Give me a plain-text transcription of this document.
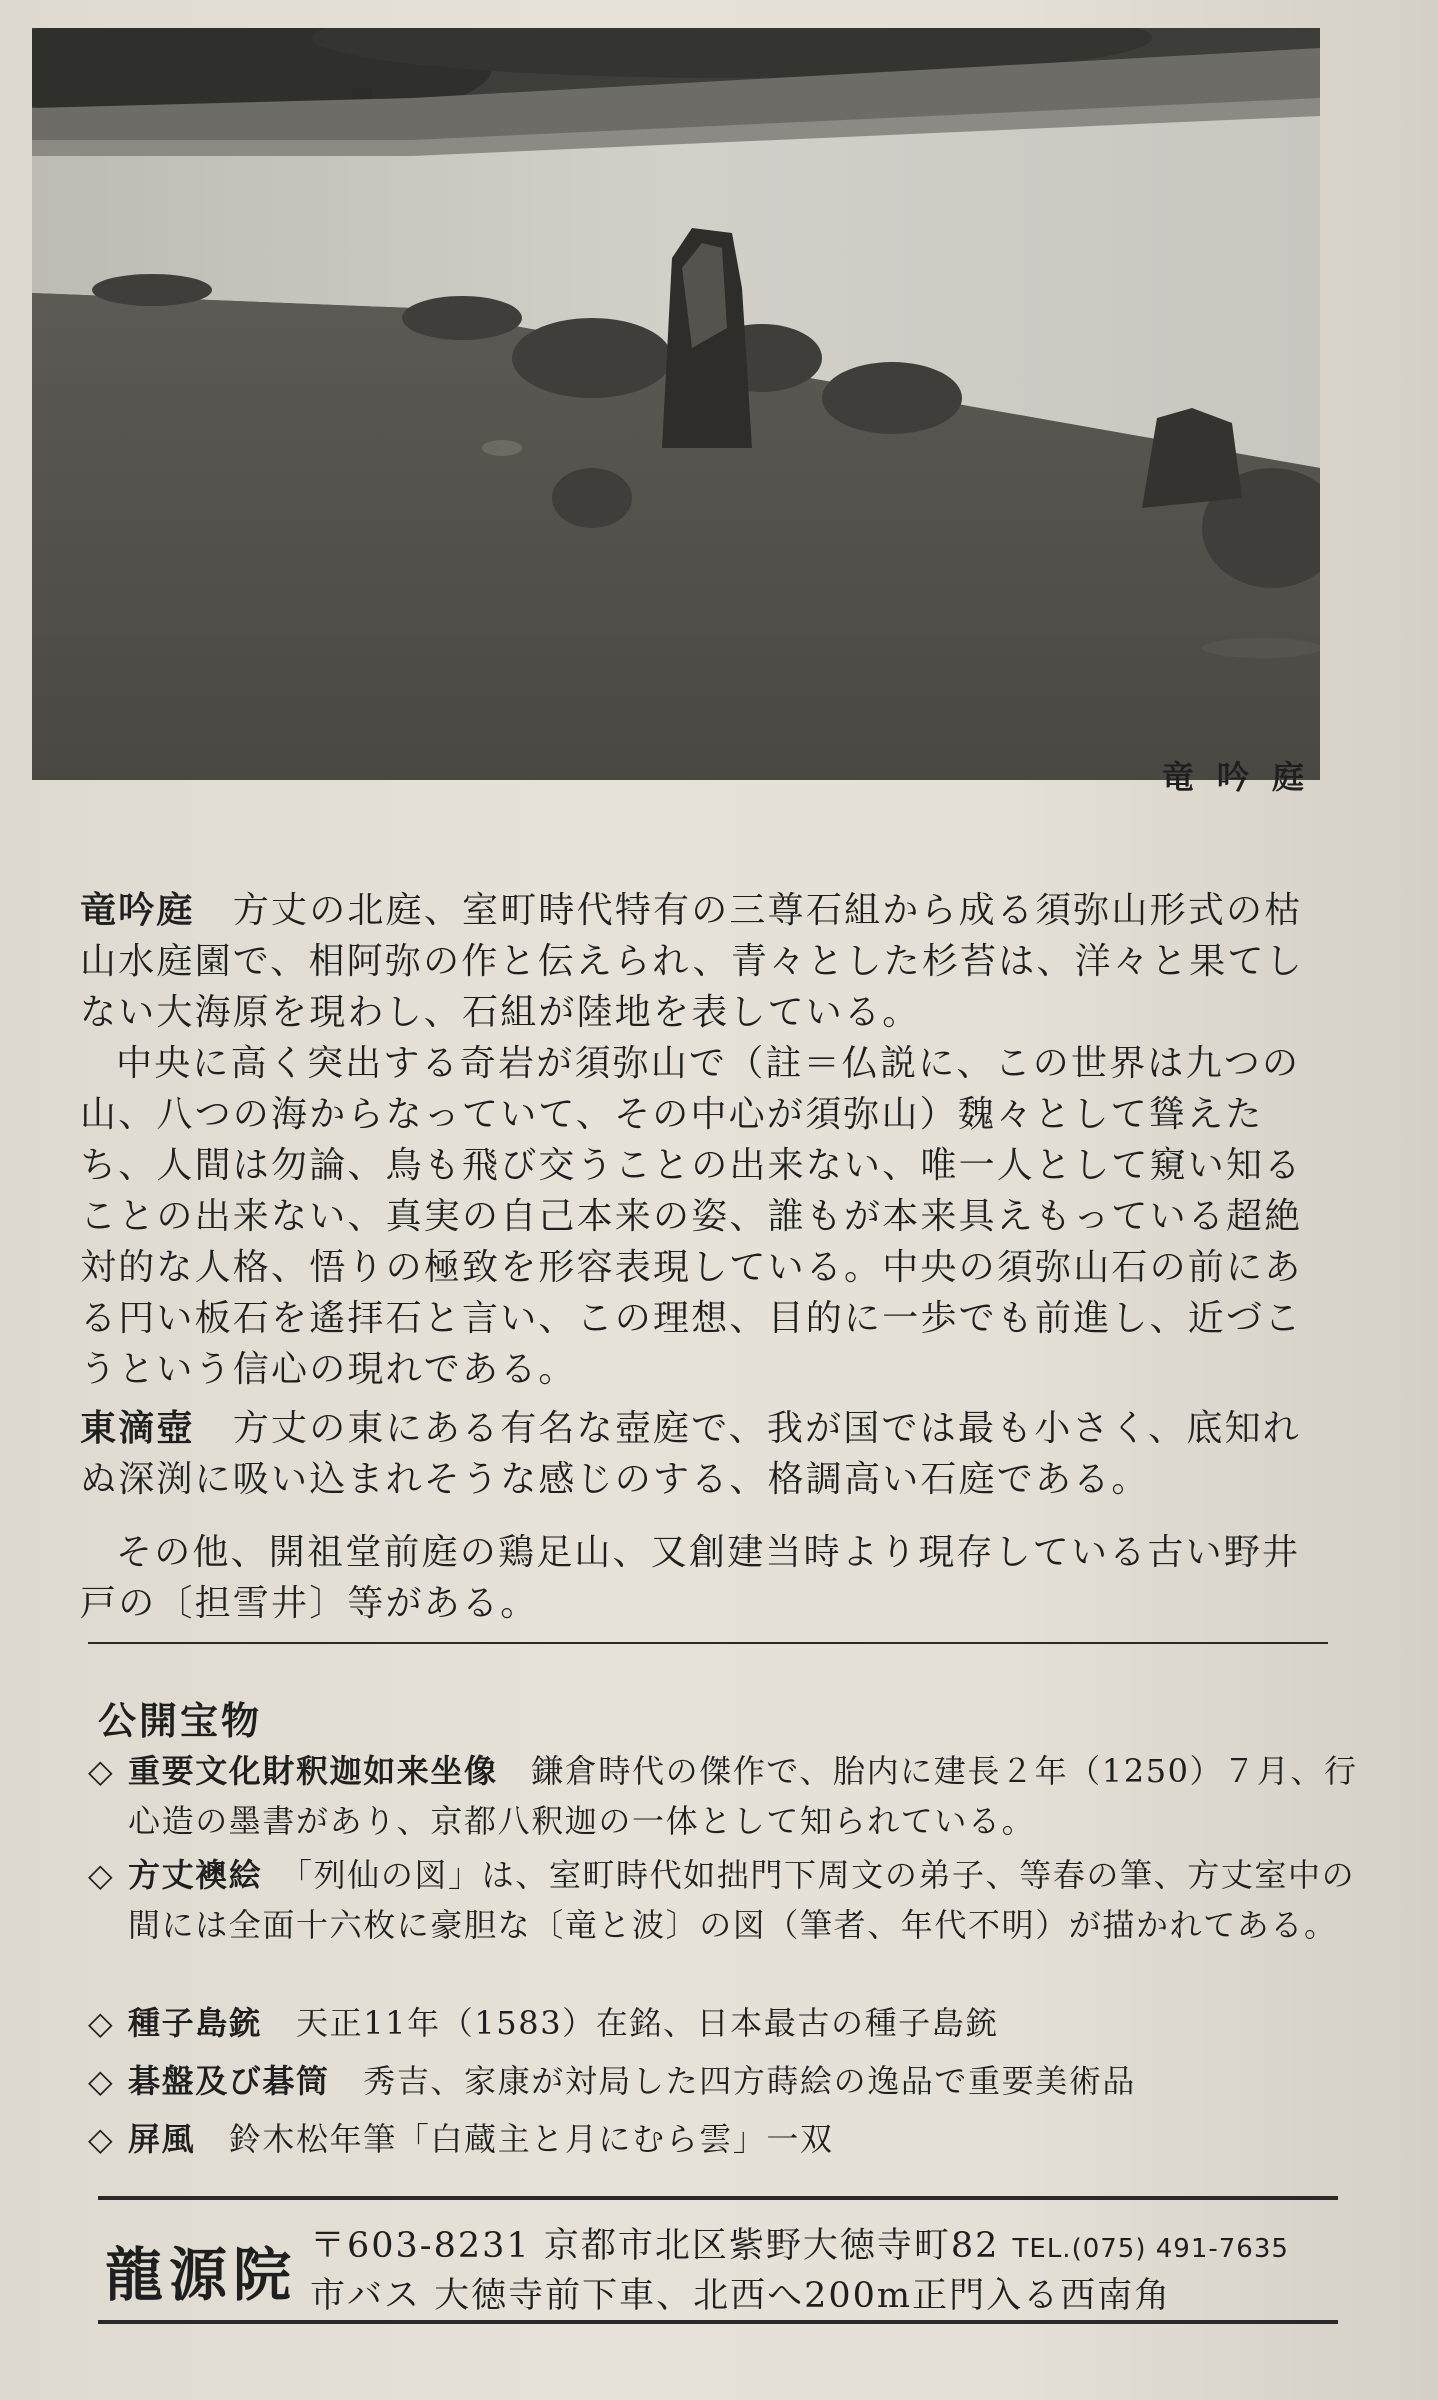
竜 吟 庭

竜吟庭　 方丈の北庭、室町時代特有の三尊石組から成る須弥山形式の枯山水庭園で、相阿弥の作と伝えられ、青々とした杉苔は、洋々と果てしない大海原を現わし、石組が陸地を表している。

中央に高く突出する奇岩が須弥山で（註＝仏説に、この世界は九つの山、八つの海からなっていて、その中心が須弥山）魏々として聳えたち、人間は勿論、鳥も飛び交うことの出来ない、唯一人として窺い知ることの出来ない、真実の自己本来の姿、誰もが本来具えもっている超絶対的な人格、悟りの極致を形容表現している。中央の須弥山石の前にある円い板石を遙拝石と言い、この理想、目的に一歩でも前進し、近づこうという信心の現れである。

東滴壺　 方丈の東にある有名な壺庭で、我が国では最も小さく、底知れぬ深渕に吸い込まれそうな感じのする、格調高い石庭である。

その他、開祖堂前庭の鶏足山、又創建当時より現存している古い野井戸の〔担雪井〕等がある。

公開宝物

◇ 重要文化財釈迦如来坐像　 鎌倉時代の傑作で、胎内に建長２年（1250）７月、行心造の墨書があり、京都八釈迦の一体として知られている。

◇ 方丈襖絵　 「列仙の図」は、室町時代如拙門下周文の弟子、等春の筆、方丈室中の間には全面十六枚に豪胆な〔竜と波〕の図（筆者、年代不明）が描かれてある。

◇ 種子島銃　 天正11年（1583）在銘、日本最古の種子島銃

◇ 碁盤及び碁筒　 秀吉、家康が対局した四方蒔絵の逸品で重要美術品

◇ 屏風　 鈴木松年筆「白蔵主と月にむら雲」一双

龍源院 〒603-8231 京都市北区紫野大徳寺町82 TEL.(075) 491-7635
市バス 大徳寺前下車、北西へ200m正門入る西南角
